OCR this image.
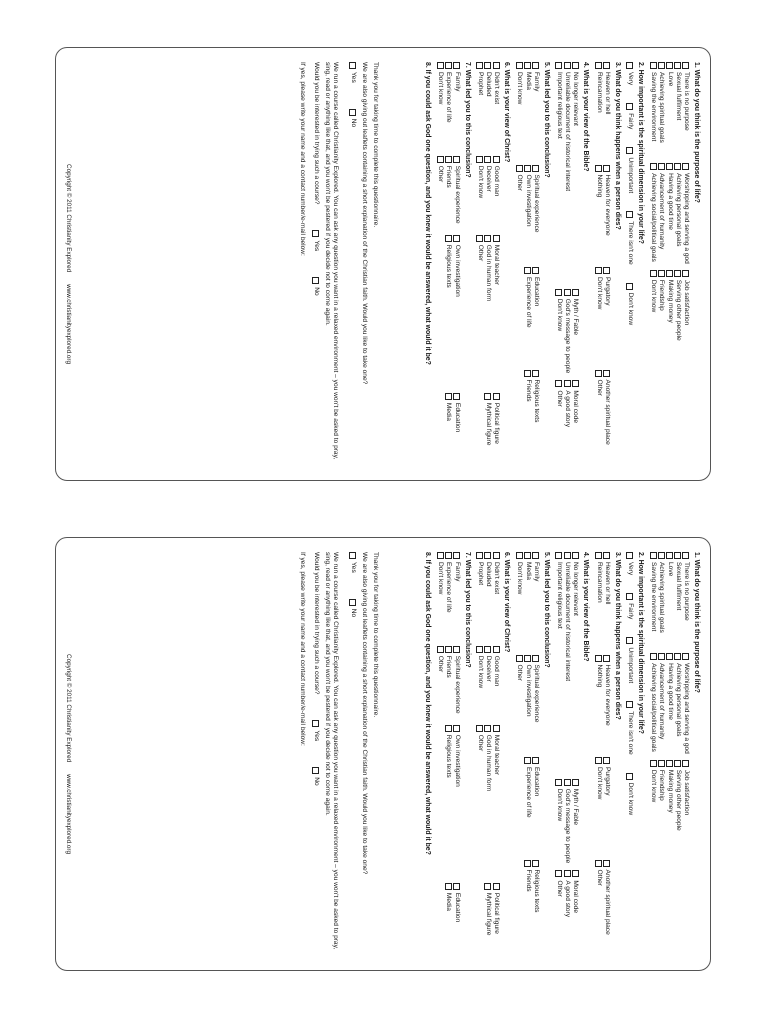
1. What do you think is the purpose of life?
There is no purpose
Sexual fulfilment
Love
Achieving spiritual goals
Saving the environment
Worshipping and serving a god
Achieving personal goals
Having a good time
Advancement of humanity
Achieving social/political goals
Job satisfaction
Serving other people
Making money
Friendship
Don't know
2. How important is the spiritual dimension in your life?
Very
Fairly
Unimportant
There isn't one
Don't know
3. What do you think happens when a person dies?
Heaven or hell
Reincarnation
Heaven for everyone
Nothing
Purgatory
Don't know
Another spiritual place
Other
4. What is your view of the Bible?
No longer relevant
Unreliable document of historical interest
Important religious text
Myth / Fable
God's message to people
Don't know
Moral code
A good story
Other
5. What led you to this conclusion?
Family
Media
Don't know
Spiritual experience
Own investigation
Other
Education
Experience of life
Religious texts
Friends
6. What is your view of Christ?
Didn't exist
Deluded
Prophet
Good man
Deceiver
Don't know
Moral teacher
God in human form
Other
Political figure
Mythical figure
7. What led you to this conclusion?
Family
Experience of life
Don't know
Spiritual experience
Friends
Other
Own investigation
Religious texts
Education
Media
8. If you could ask God one question, and you knew it would be answered, what would it be?

Thank you for taking time to complete this questionnaire.

We are also giving out leaflets containing a short explanation of the Christian faith. Would you like to take one?

Yes
No

We run a course called Christianity Explored. You can ask any question you want in a relaxed environment – you won't be asked to pray, sing, read or anything like that, and you won't be pestered if you decide not to come again.

Would you be interested in trying such a course?
Yes
No
If yes, please write your name and a contact number/e-mail below:
Copyright © 2011 Christianity Exploredwww.christianityexplored.org
1. What do you think is the purpose of life?
There is no purpose
Sexual fulfilment
Love
Achieving spiritual goals
Saving the environment
Worshipping and serving a god
Achieving personal goals
Having a good time
Advancement of humanity
Achieving social/political goals
Job satisfaction
Serving other people
Making money
Friendship
Don't know
2. How important is the spiritual dimension in your life?
Very
Fairly
Unimportant
There isn't one
Don't know
3. What do you think happens when a person dies?
Heaven or hell
Reincarnation
Heaven for everyone
Nothing
Purgatory
Don't know
Another spiritual place
Other
4. What is your view of the Bible?
No longer relevant
Unreliable document of historical interest
Important religious text
Myth / Fable
God's message to people
Don't know
Moral code
A good story
Other
5. What led you to this conclusion?
Family
Media
Don't know
Spiritual experience
Own investigation
Other
Education
Experience of life
Religious texts
Friends
6. What is your view of Christ?
Didn't exist
Deluded
Prophet
Good man
Deceiver
Don't know
Moral teacher
God in human form
Other
Political figure
Mythical figure
7. What led you to this conclusion?
Family
Experience of life
Don't know
Spiritual experience
Friends
Other
Own investigation
Religious texts
Education
Media
8. If you could ask God one question, and you knew it would be answered, what would it be?

Thank you for taking time to complete this questionnaire.

We are also giving out leaflets containing a short explanation of the Christian faith. Would you like to take one?

Yes
No

We run a course called Christianity Explored. You can ask any question you want in a relaxed environment – you won't be asked to pray, sing, read or anything like that, and you won't be pestered if you decide not to come again.

Would you be interested in trying such a course?
Yes
No
If yes, please write your name and a contact number/e-mail below:
Copyright © 2011 Christianity Exploredwww.christianityexplored.org
